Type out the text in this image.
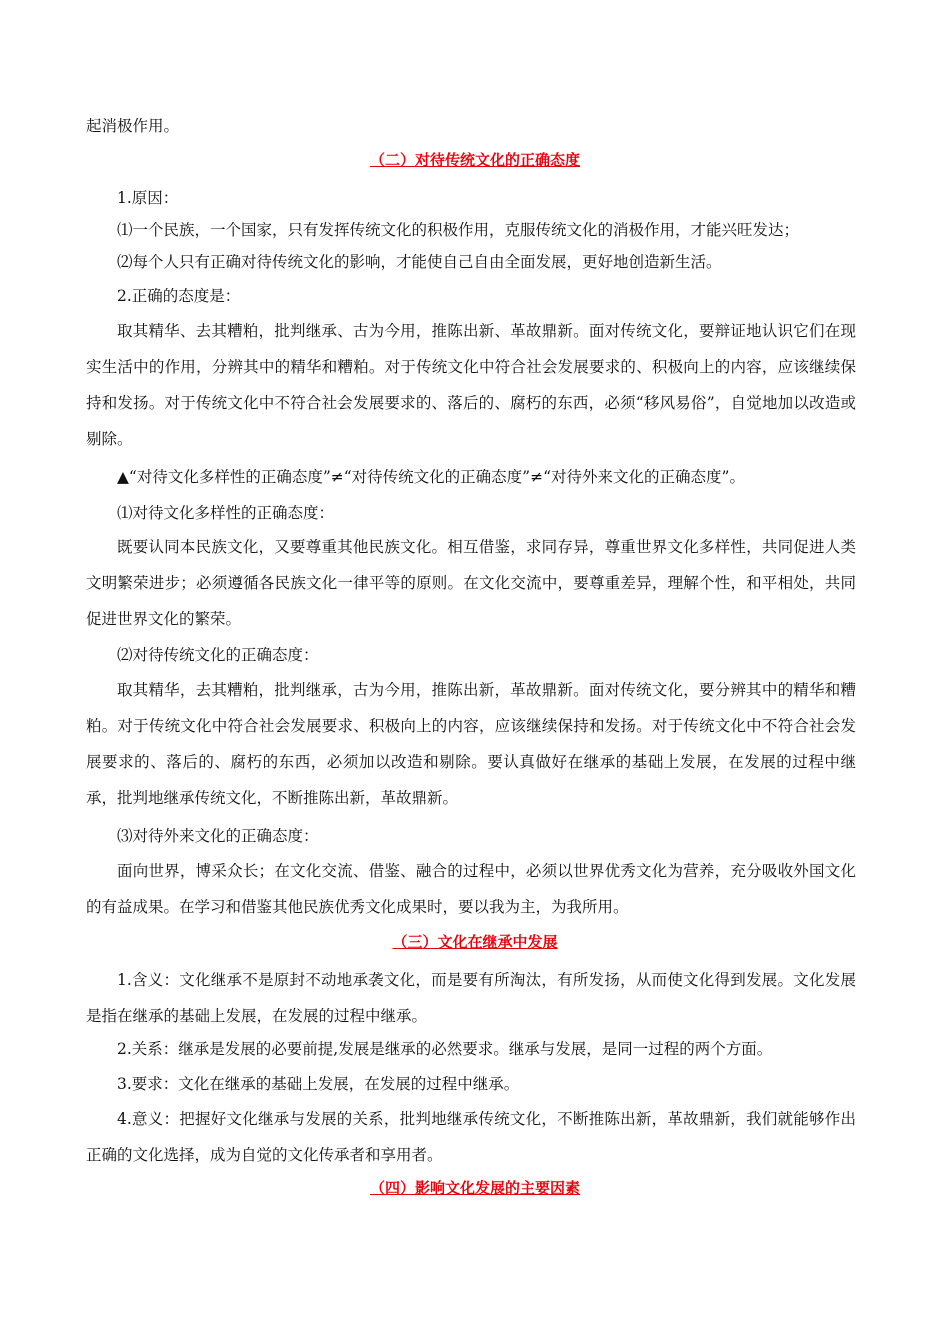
起消极作用。

（二）对待传统文化的正确态度

1.原因：

⑴一个民族，一个国家，只有发挥传统文化的积极作用，克服传统文化的消极作用，才能兴旺发达；

⑵每个人只有正确对待传统文化的影响，才能使自己自由全面发展，更好地创造新生活。

2.正确的态度是：

取其精华、去其糟粕，批判继承、古为今用，推陈出新、革故鼎新。面对传统文化，要辩证地认识它们在现实生活中的作用，分辨其中的精华和糟粕。对于传统文化中符合社会发展要求的、积极向上的内容，应该继续保持和发扬。对于传统文化中不符合社会发展要求的、落后的、腐朽的东西，必须“移风易俗”，自觉地加以改造或剔除。

▲“对待文化多样性的正确态度”≠“对待传统文化的正确态度”≠“对待外来文化的正确态度”。

⑴对待文化多样性的正确态度：

既要认同本民族文化，又要尊重其他民族文化。相互借鉴，求同存异，尊重世界文化多样性，共同促进人类文明繁荣进步；必须遵循各民族文化一律平等的原则。在文化交流中，要尊重差异，理解个性，和平相处，共同促进世界文化的繁荣。

⑵对待传统文化的正确态度：

取其精华，去其糟粕，批判继承，古为今用，推陈出新，革故鼎新。面对传统文化，要分辨其中的精华和糟粕。对于传统文化中符合社会发展要求、积极向上的内容，应该继续保持和发扬。对于传统文化中不符合社会发展要求的、落后的、腐朽的东西，必须加以改造和剔除。要认真做好在继承的基础上发展，在发展的过程中继承，批判地继承传统文化，不断推陈出新，革故鼎新。

⑶对待外来文化的正确态度：

面向世界，博采众长；在文化交流、借鉴、融合的过程中，必须以世界优秀文化为营养，充分吸收外国文化的有益成果。在学习和借鉴其他民族优秀文化成果时，要以我为主，为我所用。

（三）文化在继承中发展

1.含义：文化继承不是原封不动地承袭文化，而是要有所淘汰，有所发扬，从而使文化得到发展。文化发展是指在继承的基础上发展，在发展的过程中继承。

2.关系：继承是发展的必要前提,发展是继承的必然要求。继承与发展，是同一过程的两个方面。

3.要求：文化在继承的基础上发展，在发展的过程中继承。

4.意义：把握好文化继承与发展的关系，批判地继承传统文化，不断推陈出新，革故鼎新，我们就能够作出正确的文化选择，成为自觉的文化传承者和享用者。

（四）影响文化发展的主要因素
